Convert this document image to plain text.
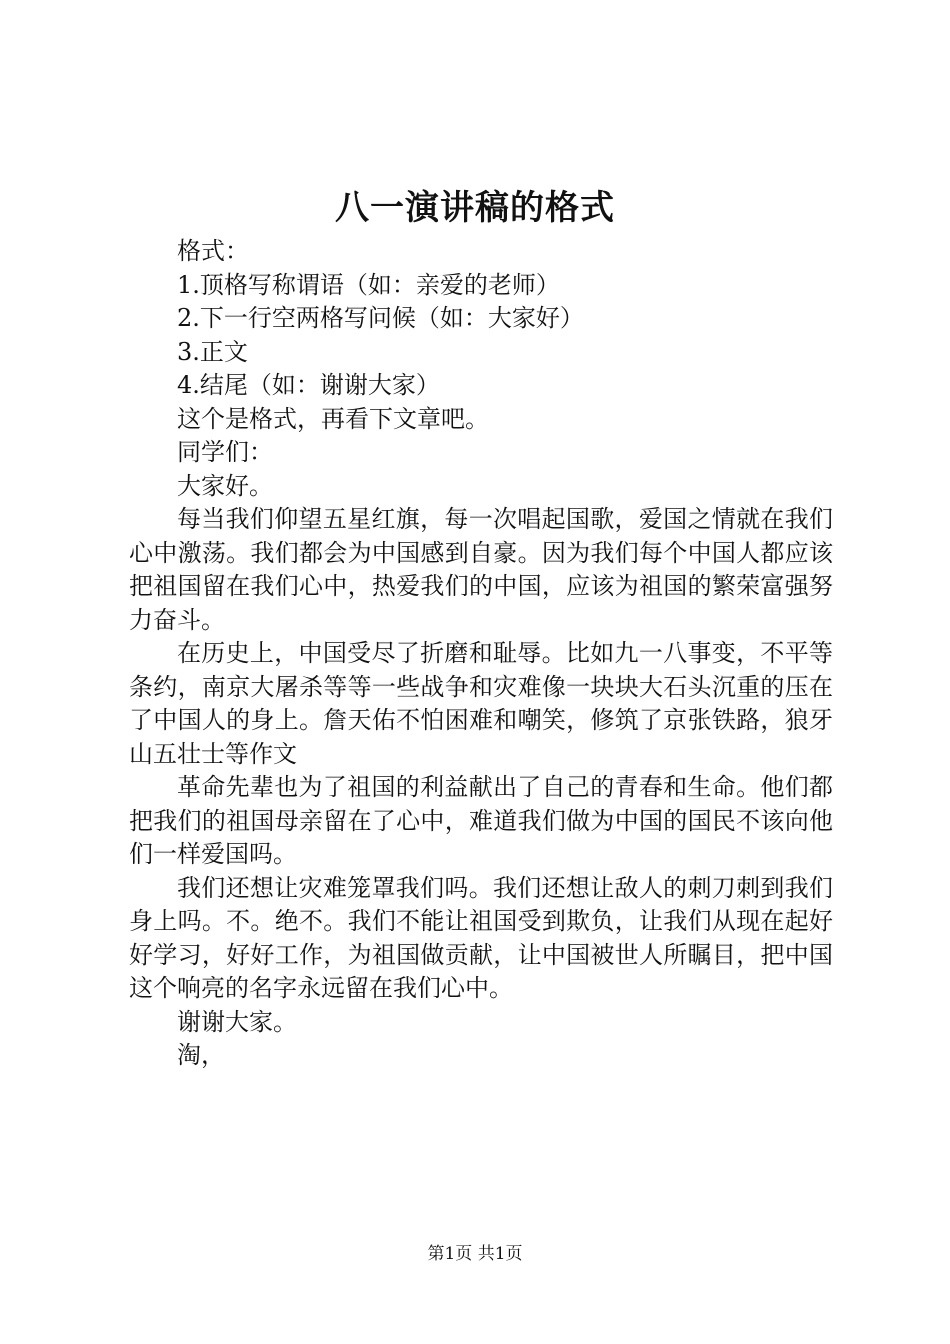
八一演讲稿的格式

格式：

1.顶格写称谓语（如：亲爱的老师）

2.下一行空两格写问候（如：大家好）

3.正文

4.结尾（如：谢谢大家）

这个是格式，再看下文章吧。

同学们：

大家好。

每当我们仰望五星红旗，每一次唱起国歌，爱国之情就在我们心中激荡。我们都会为中国感到自豪。因为我们每个中国人都应该把祖国留在我们心中，热爱我们的中国，应该为祖国的繁荣富强努力奋斗。

在历史上，中国受尽了折磨和耻辱。比如九一八事变，不平等条约，南京大屠杀等等一些战争和灾难像一块块大石头沉重的压在了中国人的身上。詹天佑不怕困难和嘲笑，修筑了京张铁路，狼牙山五壮士等作文

革命先辈也为了祖国的利益献出了自己的青春和生命。他们都把我们的祖国母亲留在了心中，难道我们做为中国的国民不该向他们一样爱国吗。

我们还想让灾难笼罩我们吗。我们还想让敌人的刺刀刺到我们身上吗。不。绝不。我们不能让祖国受到欺负，让我们从现在起好好学习，好好工作，为祖国做贡献，让中国被世人所瞩目，把中国这个响亮的名字永远留在我们心中。

谢谢大家。

淘，

第1页 共1页
